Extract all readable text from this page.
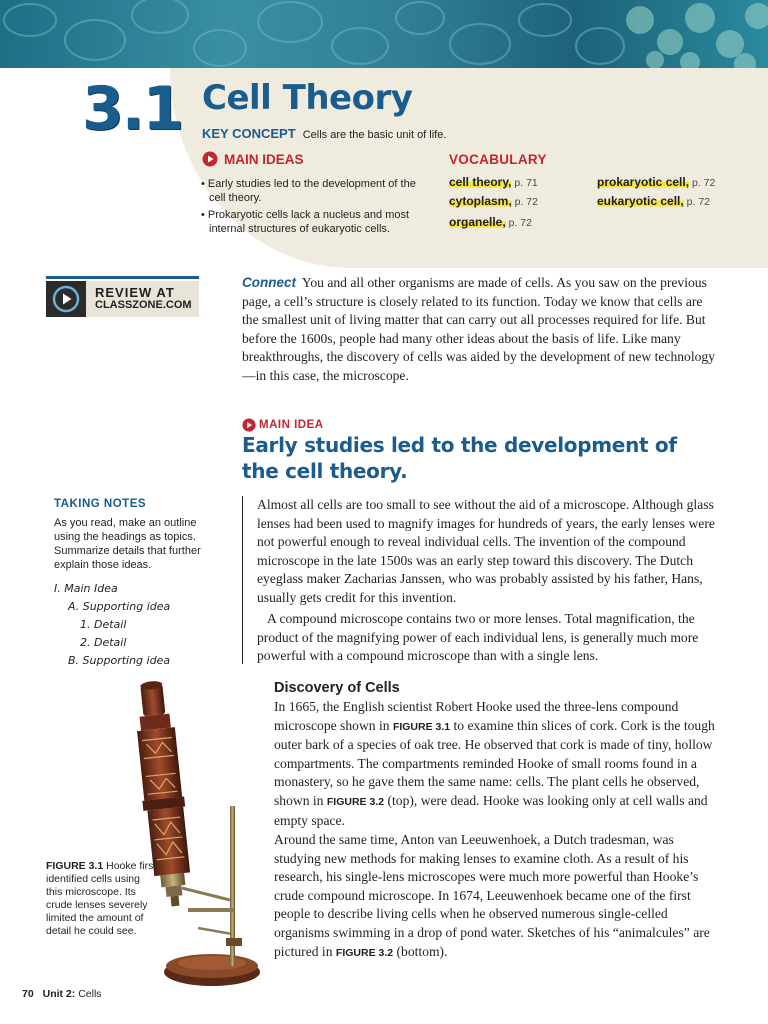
3.1 Cell Theory
KEY CONCEPT Cells are the basic unit of life.
MAIN IDEAS
• Early studies led to the development of the cell theory.
• Prokaryotic cells lack a nucleus and most internal structures of eukaryotic cells.
VOCABULARY
cell theory, p. 71
cytoplasm, p. 72
organelle, p. 72
prokaryotic cell, p. 72
eukaryotic cell, p. 72
REVIEW AT
CLASSZONE.COM

Connect You and all other organisms are made of cells. As you saw on the previous page, a cell’s structure is closely related to its function. Today we know that cells are the smallest unit of living matter that can carry out all processes required for life. But before the 1600s, people had many other ideas about the basis of life. Like many breakthroughs, the discovery of cells was aided by the development of new technology—in this case, the microscope.

MAIN IDEA
Early studies led to the development of the cell theory.

Almost all cells are too small to see without the aid of a microscope. Although glass lenses had been used to magnify images for hundreds of years, the early lenses were not powerful enough to reveal individual cells. The invention of the compound microscope in the late 1500s was an early step toward this discovery. The Dutch eyeglass maker Zacharias Janssen, who was probably assisted by his father, Hans, usually gets credit for this invention.

A compound microscope contains two or more lenses. Total magnification, the product of the magnifying power of each individual lens, is generally much more powerful with a compound microscope than with a single lens.

TAKING NOTES
As you read, make an outline using the headings as topics. Summarize details that further explain those ideas.
I. Main Idea
A. Supporting idea
1. Detail
2. Detail
B. Supporting idea
Discovery of Cells

In 1665, the English scientist Robert Hooke used the three-lens compound microscope shown in FIGURE 3.1 to examine thin slices of cork. Cork is the tough outer bark of a species of oak tree. He observed that cork is made of tiny, hollow compartments. The compartments reminded Hooke of small rooms found in a monastery, so he gave them the same name: cells. The plant cells he observed, shown in FIGURE 3.2 (top), were dead. Hooke was looking only at cell walls and empty space.

Around the same time, Anton van Leeuwenhoek, a Dutch tradesman, was studying new methods for making lenses to examine cloth. As a result of his research, his single-lens microscopes were much more powerful than Hooke’s crude compound microscope. In 1674, Leeuwenhoek became one of the first people to describe living cells when he observed numerous single-celled organisms swimming in a drop of pond water. Sketches of his “animalcules” are pictured in FIGURE 3.2 (bottom).

FIGURE 3.1 Hooke first identified cells using this microscope. Its crude lenses severely limited the amount of detail he could see.
70 Unit 2: Cells
